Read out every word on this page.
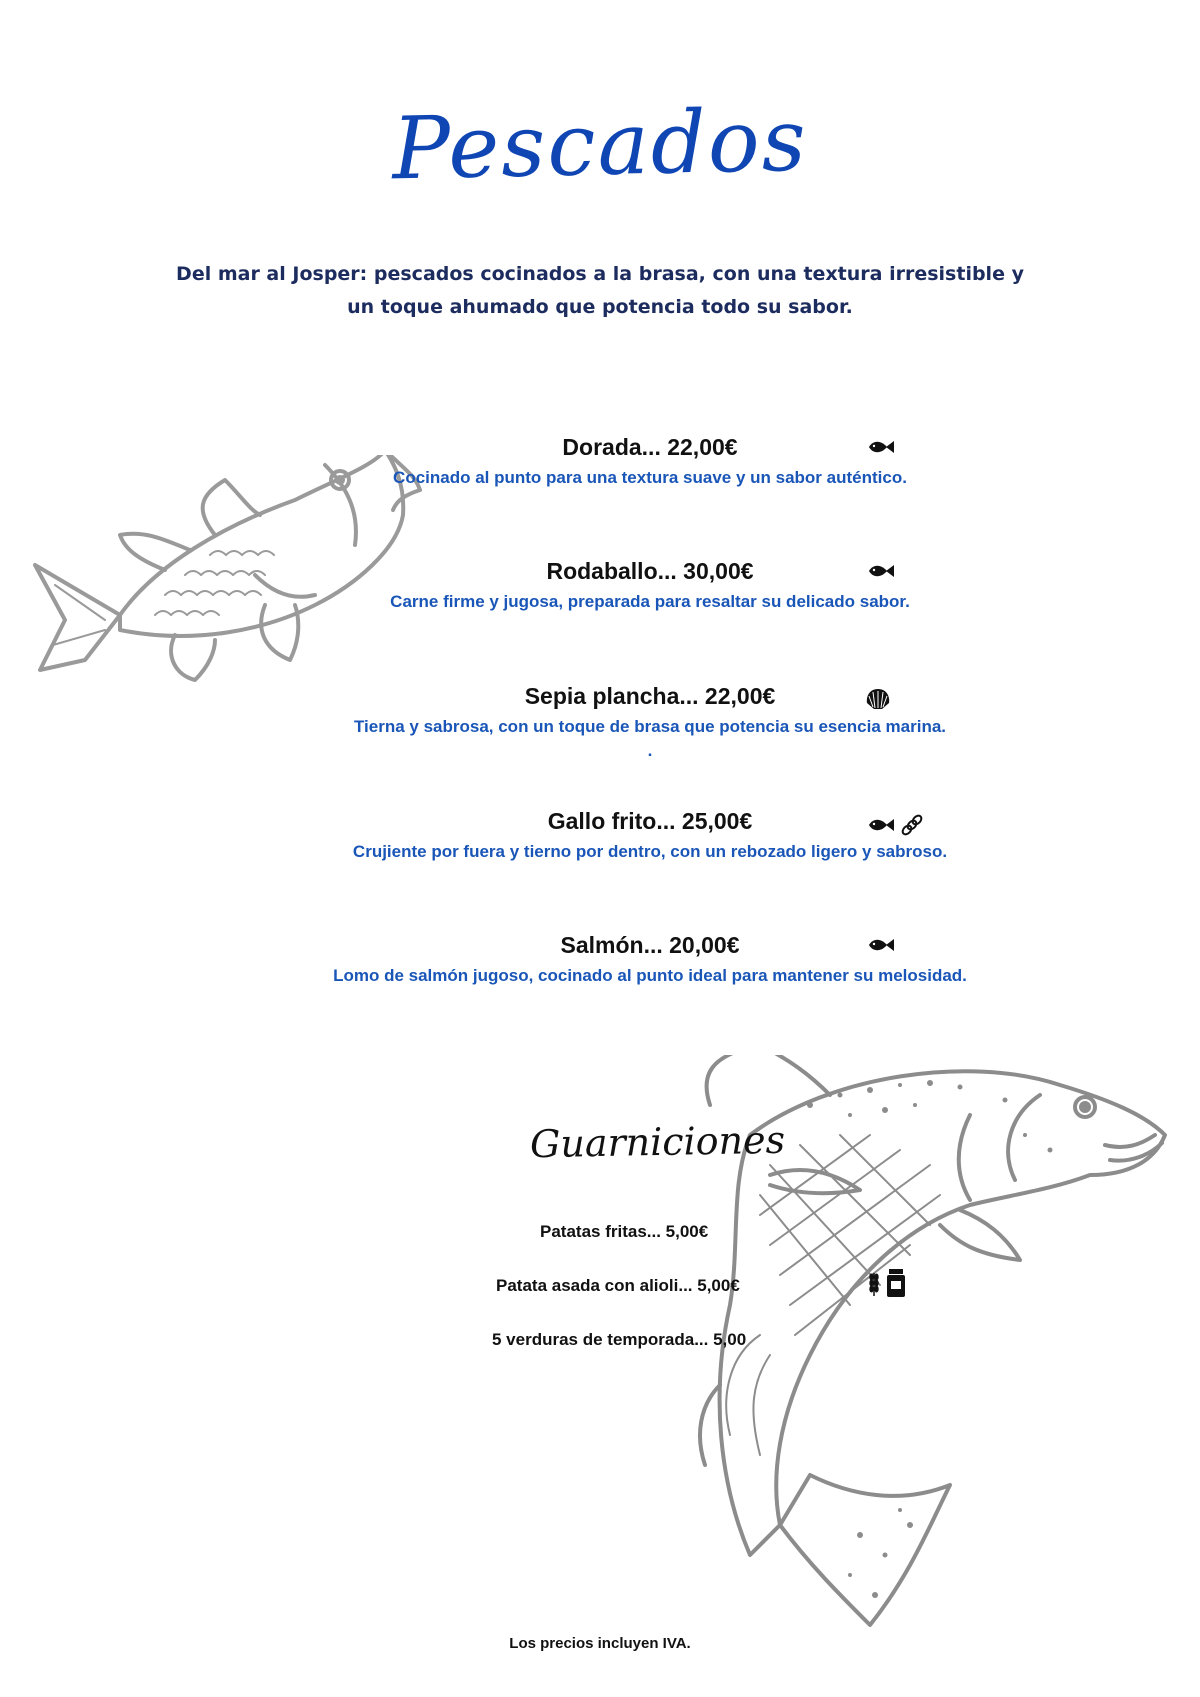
Pescados
Del mar al Josper: pescados cocinados a la brasa, con una textura irresistible y un toque ahumado que potencia todo su sabor.
Dorada... 22,00€
Cocinado al punto para una textura suave y un sabor auténtico.
Rodaballo... 30,00€
Carne firme y jugosa, preparada para resaltar su delicado sabor.
Sepia plancha... 22,00€
Tierna y sabrosa, con un toque de brasa que potencia su esencia marina.
.
Gallo frito... 25,00€
Crujiente por fuera y tierno por dentro, con un rebozado ligero y sabroso.
Salmón... 20,00€
Lomo de salmón jugoso, cocinado al punto ideal para mantener su melosidad.
Guarniciones
Patatas fritas... 5,00€
Patata asada con alioli... 5,00€
5 verduras de temporada... 5,00
Los precios incluyen IVA.
